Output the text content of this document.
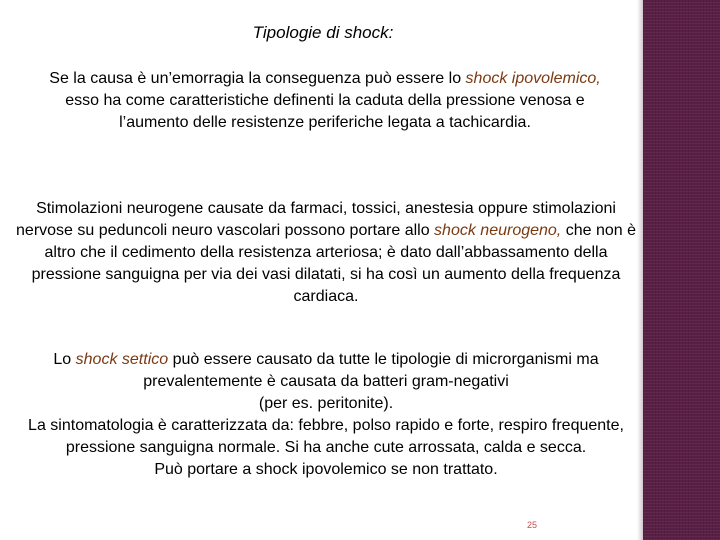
Tipologie di shock:

Se la causa è un’emorragia la conseguenza può essere lo shock ipovolemico, esso ha come caratteristiche definenti la caduta della pressione venosa e l’aumento delle resistenze periferiche legata a tachicardia.

Stimolazioni neurogene causate da farmaci, tossici, anestesia oppure stimolazioni nervose su peduncoli neuro vascolari possono portare allo shock neurogeno, che non è altro che il cedimento della resistenza arteriosa; è dato dall’abbassamento della pressione sanguigna per via dei vasi dilatati, si ha così un aumento della frequenza cardiaca.

Lo shock settico può essere causato da tutte le tipologie di microrganismi ma prevalentemente è causata da batteri gram-negativi
(per es. peritonite).
La sintomatologia è caratterizzata da: febbre, polso rapido e forte, respiro frequente, pressione sanguigna normale. Si ha anche cute arrossata, calda e secca.
Può portare a shock ipovolemico se non trattato.

25
